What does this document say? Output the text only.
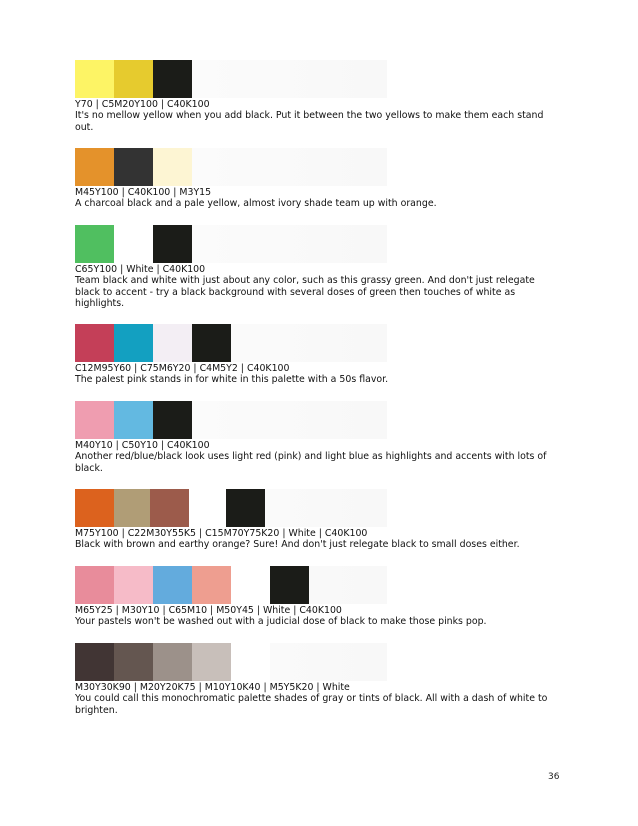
Y70 | C5M20Y100 | C40K100

It's no mellow yellow when you add black. Put it between the two yellows to make them each stand out.

M45Y100 | C40K100 | M3Y15

A charcoal black and a pale yellow, almost ivory shade team up with orange.

C65Y100 | White | C40K100

Team black and white with just about any color, such as this grassy green. And don't just relegate black to accent - try a black background with several doses of green then touches of white as highlights.

C12M95Y60 | C75M6Y20 | C4M5Y2 | C40K100

The palest pink stands in for white in this palette with a 50s flavor.

M40Y10 | C50Y10 | C40K100

Another red/blue/black look uses light red (pink) and light blue as highlights and accents with lots of black.

M75Y100 | C22M30Y55K5 | C15M70Y75K20 | White | C40K100

Black with brown and earthy orange? Sure! And don't just relegate black to small doses either.

M65Y25 | M30Y10 | C65M10 | M50Y45 | White | C40K100

Your pastels won't be washed out with a judicial dose of black to make those pinks pop.

M30Y30K90 | M20Y20K75 | M10Y10K40 | M5Y5K20 | White

You could call this monochromatic palette shades of gray or tints of black. All with a dash of white to brighten.

36
